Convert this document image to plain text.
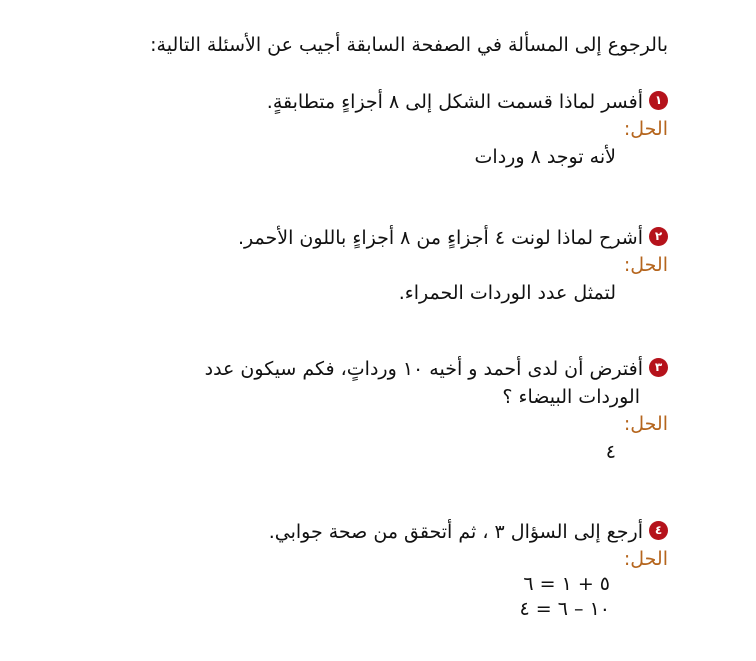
بالرجوع إلى المسألة في الصفحة السابقة أجيب عن الأسئلة التالية:
١أفسر لماذا قسمت الشكل إلى ٨ أجزاءٍ متطابقةٍ.
الحل:
لأنه توجد ٨ وردات
٢أشرح لماذا لونت ٤ أجزاءٍ من ٨ أجزاءٍ باللون الأحمر.
الحل:
لتمثل عدد الوردات الحمراء.
٣أفترض أن لدى أحمد و أخيه ١٠ ورداتٍ، فكم سيكون عدد
الوردات البيضاء ؟
الحل:
٤
٤أرجع إلى السؤال ٣ ، ثم أتحقق من صحة جوابي.
الحل:
٥ + ١ = ٦
١٠ – ٦ = ٤
